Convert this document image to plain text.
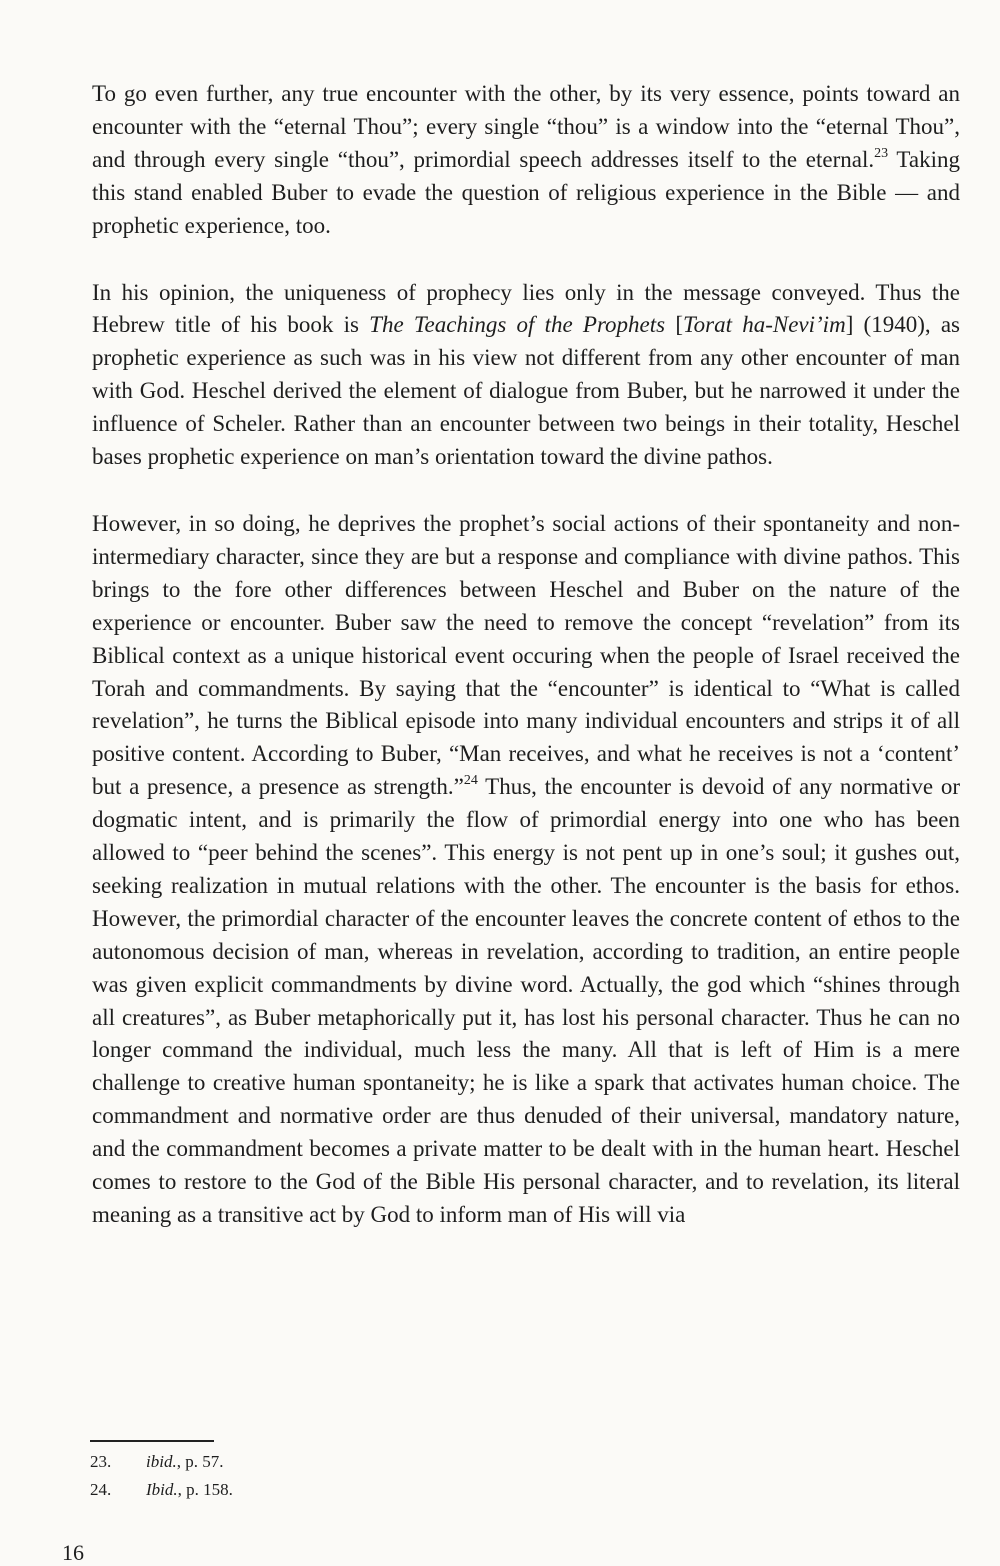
To go even further, any true encounter with the other, by its very essence, points toward an encounter with the “eternal Thou”; every single “thou” is a window into the “eternal Thou”, and through every single “thou”, primordial speech addresses itself to the eternal.$^{23}$ Taking this stand enabled Buber to evade the question of religious experience in the Bible — and prophetic experience, too.

In his opinion, the uniqueness of prophecy lies only in the message conveyed. Thus the Hebrew title of his book is The Teachings of the Prophets [Torat ha-Nevi’im] (1940), as prophetic experience as such was in his view not different from any other encounter of man with God. Heschel derived the element of dialogue from Buber, but he narrowed it under the influence of Scheler. Rather than an encounter between two beings in their totality, Heschel bases prophetic experience on man’s orientation toward the divine pathos.

However, in so doing, he deprives the prophet’s social actions of their spontaneity and non-intermediary character, since they are but a response and compliance with divine pathos. This brings to the fore other differences between Heschel and Buber on the nature of the experience or encounter. Buber saw the need to remove the concept “revelation” from its Biblical context as a unique historical event occuring when the people of Israel received the Torah and commandments. By saying that the “encounter” is identical to “What is called revelation”, he turns the Biblical episode into many individual encounters and strips it of all positive content. According to Buber, “Man receives, and what he receives is not a ‘content’ but a presence, a presence as strength.”$^{24}$ Thus, the encounter is devoid of any normative or dogmatic intent, and is primarily the flow of primordial energy into one who has been allowed to “peer behind the scenes”. This energy is not pent up in one’s soul; it gushes out, seeking realization in mutual relations with the other. The encounter is the basis for ethos. However, the primordial character of the encounter leaves the concrete content of ethos to the autonomous decision of man, whereas in revelation, according to tradition, an entire people was given explicit commandments by divine word. Actually, the god which “shines through all creatures”, as Buber metaphorically put it, has lost his personal character. Thus he can no longer command the individual, much less the many. All that is left of Him is a mere challenge to creative human spontaneity; he is like a spark that activates human choice. The commandment and normative order are thus denuded of their universal, mandatory nature, and the commandment becomes a private matter to be dealt with in the human heart. Heschel comes to restore to the God of the Bible His personal character, and to revelation, its literal meaning as a transitive act by God to inform man of His will via

23.	ibid., p. 57.
24.	Ibid., p. 158.
16
